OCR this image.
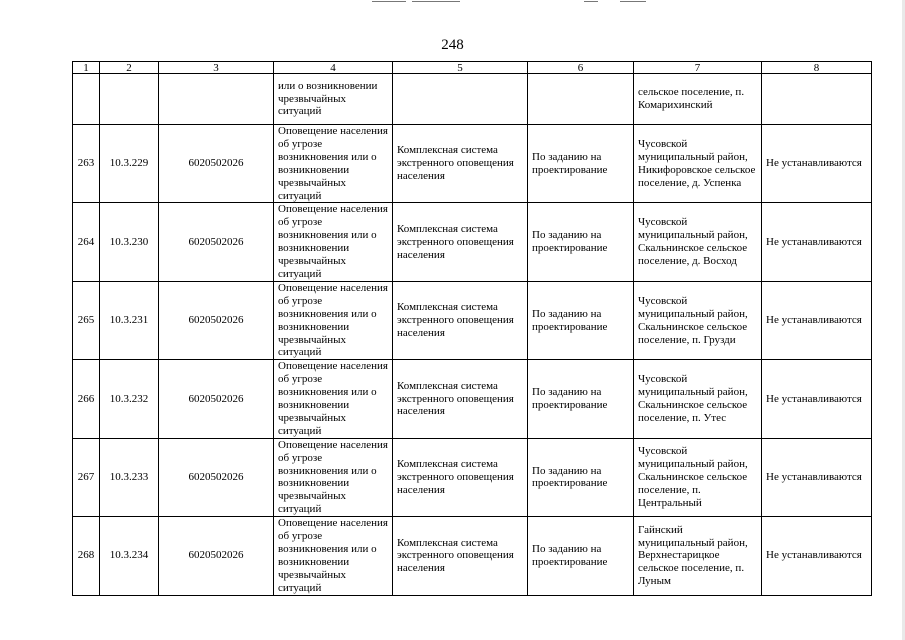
248
1	2	3	4	5	6	7	8
			или о возникновении чрезвычайных ситуаций			сельское поселение, п. Комарихинский	
263	10.3.229	6020502026	Оповещение населения об угрозе возникновения или о возникновении чрезвычайных ситуаций	Комплексная система экстренного оповещения населения	По заданию на проектирование	Чусовской муниципальный район, Никифоровское сельское поселение, д. Успенка	Не устанавливаются
264	10.3.230	6020502026	Оповещение населения об угрозе возникновения или о возникновении чрезвычайных ситуаций	Комплексная система экстренного оповещения населения	По заданию на проектирование	Чусовской муниципальный район, Скальнинское сельское поселение, д. Восход	Не устанавливаются
265	10.3.231	6020502026	Оповещение населения об угрозе возникновения или о возникновении чрезвычайных ситуаций	Комплексная система экстренного оповещения населения	По заданию на проектирование	Чусовской муниципальный район, Скальнинское сельское поселение, п. Грузди	Не устанавливаются
266	10.3.232	6020502026	Оповещение населения об угрозе возникновения или о возникновении чрезвычайных ситуаций	Комплексная система экстренного оповещения населения	По заданию на проектирование	Чусовской муниципальный район, Скальнинское сельское поселение, п. Утес	Не устанавливаются
267	10.3.233	6020502026	Оповещение населения об угрозе возникновения или о возникновении чрезвычайных ситуаций	Комплексная система экстренного оповещения населения	По заданию на проектирование	Чусовской муниципальный район, Скальнинское сельское поселение, п. Центральный	Не устанавливаются
268	10.3.234	6020502026	Оповещение населения об угрозе возникновения или о возникновении чрезвычайных ситуаций	Комплексная система экстренного оповещения населения	По заданию на проектирование	Гайнский муниципальный район, Верхнестарицкое сельское поселение, п. Луным	Не устанавливаются
